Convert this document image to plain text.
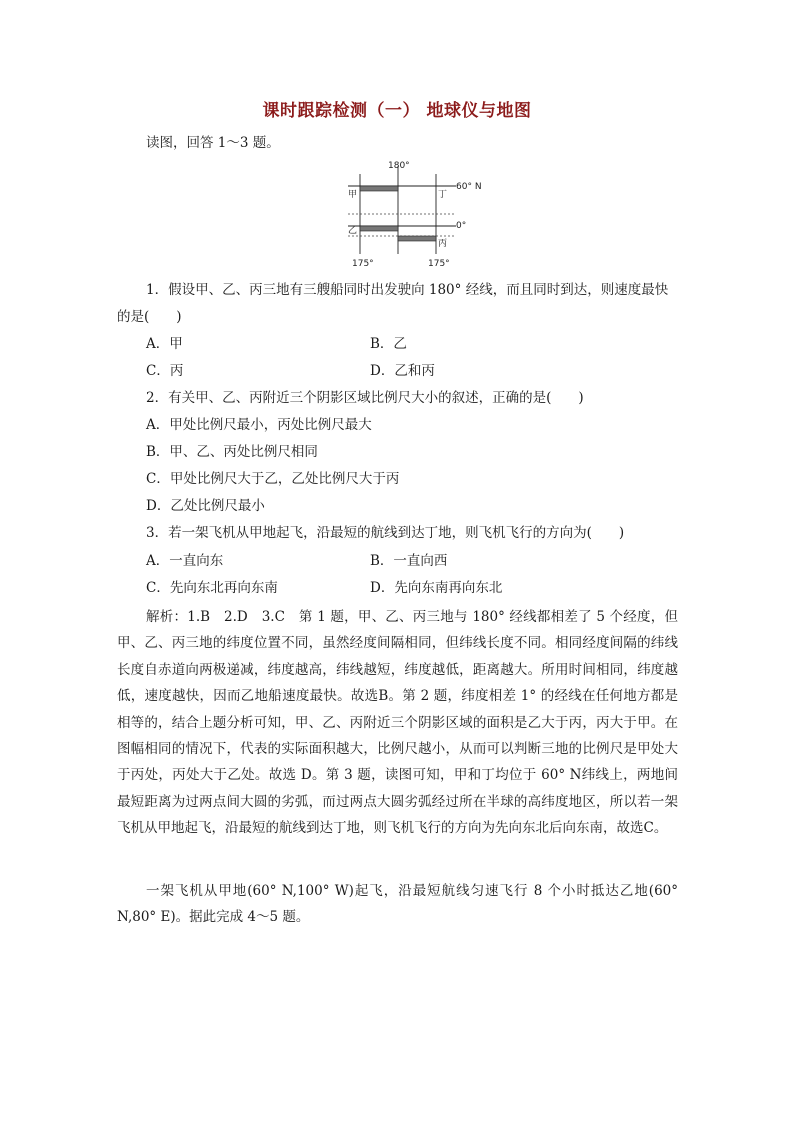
课时跟踪检测（一） 地球仪与地图
读图，回答 1～3 题。
180°
60° N
0°
175°	175°
甲	丁
乙
丙
1．假设甲、乙、丙三地有三艘船同时出发驶向 180° 经线，而且同时到达，则速度最快
的是(　　)
A．甲	B．乙
C．丙	D．乙和丙
2．有关甲、乙、丙附近三个阴影区域比例尺大小的叙述，正确的是(　　)
A．甲处比例尺最小，丙处比例尺最大
B．甲、乙、丙处比例尺相同
C．甲处比例尺大于乙，乙处比例尺大于丙
D．乙处比例尺最小
3．若一架飞机从甲地起飞，沿最短的航线到达丁地，则飞机飞行的方向为(　　)
A．一直向东	B．一直向西
C．先向东北再向东南	D．先向东南再向东北
解析：1.B　2.D　3.C　第 1 题，甲、乙、丙三地与 180° 经线都相差了 5 个经度，但甲、乙、丙三地的纬度位置不同，虽然经度间隔相同，但纬线长度不同。相同经度间隔的纬线长度自赤道向两极递减，纬度越高，纬线越短，纬度越低，距离越大。所用时间相同，纬度越低，速度越快，因而乙地船速度最快。故选B。第 2 题，纬度相差 1° 的经线在任何地方都是相等的，结合上题分析可知，甲、乙、丙附近三个阴影区域的面积是乙大于丙，丙大于甲。在图幅相同的情况下，代表的实际面积越大，比例尺越小，从而可以判断三地的比例尺是甲处大于丙处，丙处大于乙处。故选 D。第 3 题，读图可知，甲和丁均位于 60° N纬线上，两地间最短距离为过两点间大圆的劣弧，而过两点大圆劣弧经过所在半球的高纬度地区，所以若一架飞机从甲地起飞，沿最短的航线到达丁地，则飞机飞行的方向为先向东北后向东南，故选C。
一架飞机从甲地(60° N,100° W)起飞，沿最短航线匀速飞行 8 个小时抵达乙地(60° N,80° E)。据此完成 4～5 题。
